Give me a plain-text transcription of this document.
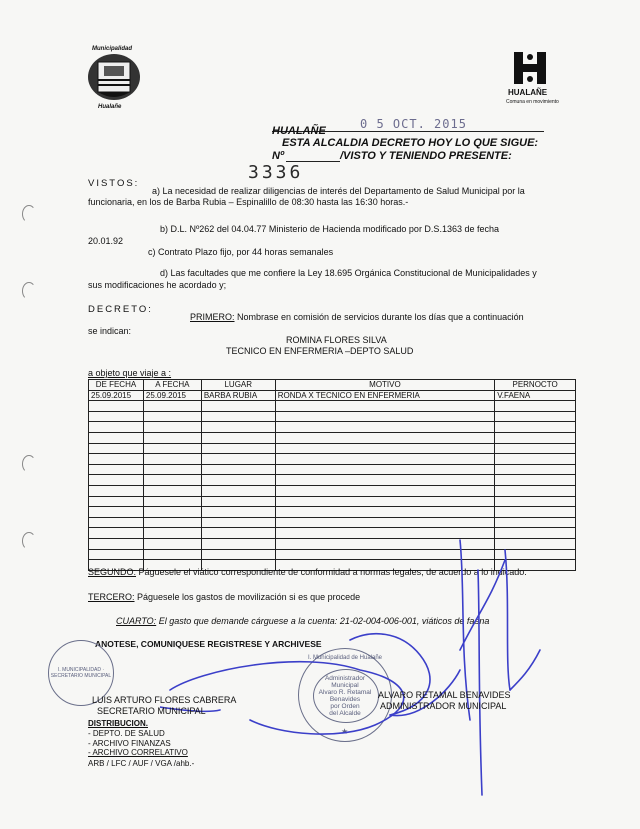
Municipalidad
Hualañe
HUALAÑE
Comuna en movimiento
0 5 OCT. 2015
HUALAÑE
ESTA ALCALDIA DECRETO HOY LO QUE SIGUE:
Nº	/VISTO Y TENIENDO PRESENTE:
3336
VISTOS:
a) La necesidad de realizar diligencias de interés del Departamento de Salud Municipal por la
funcionaria, en los de Barba Rubia – Espinalillo de 08:30 hasta las 16:30 horas.-
b) D.L. Nº262 del 04.04.77 Ministerio de Hacienda modificado por D.S.1363 de fecha
20.01.92
c) Contrato Plazo fijo, por 44 horas semanales
d) Las facultades que me confiere la Ley 18.695 Orgánica Constitucional de Municipalidades y
sus modificaciones he acordado y;
DECRETO:
PRIMERO: Nombrase en comisión de servicios durante los días que a continuación
se indican:
ROMINA FLORES SILVA
TECNICO EN ENFERMERIA –DEPTO SALUD
a objeto que viaje a :
DE FECHA	A FECHA	LUGAR	MOTIVO	PERNOCTO
25.09.2015	25.09.2015	BARBA RUBIA	RONDA X TECNICO EN ENFERMERIA	V.FAENA

SEGUNDO: Páguesele el viático correspondiente de conformidad a normas legales, de acuerdo a lo indicado.
TERCERO: Páguesele los gastos de movilización si es que procede
CUARTO: El gasto que demande cárguese a la cuenta: 21-02-004-006-001, viáticos de faena
ANOTESE, COMUNIQUESE REGISTRESE Y ARCHIVESE
I. MUNICIPALIDAD · SECRETARIO MUNICIPAL
I. Municipalidad de Hualañe
Administrador
Municipal
Alvaro R. Retamal
Benavides
por Orden
del Alcalde
★
LUIS ARTURO FLORES CABRERA
SECRETARIO MUNICIPAL
ALVARO RETAMAL BENAVIDES
ADMINISTRADOR MUNICIPAL
DISTRIBUCION.
- DEPTO. DE SALUD
- ARCHIVO FINANZAS
- ARCHIVO CORRELATIVO
ARB / LFC / AUF / VGA /ahb.-
